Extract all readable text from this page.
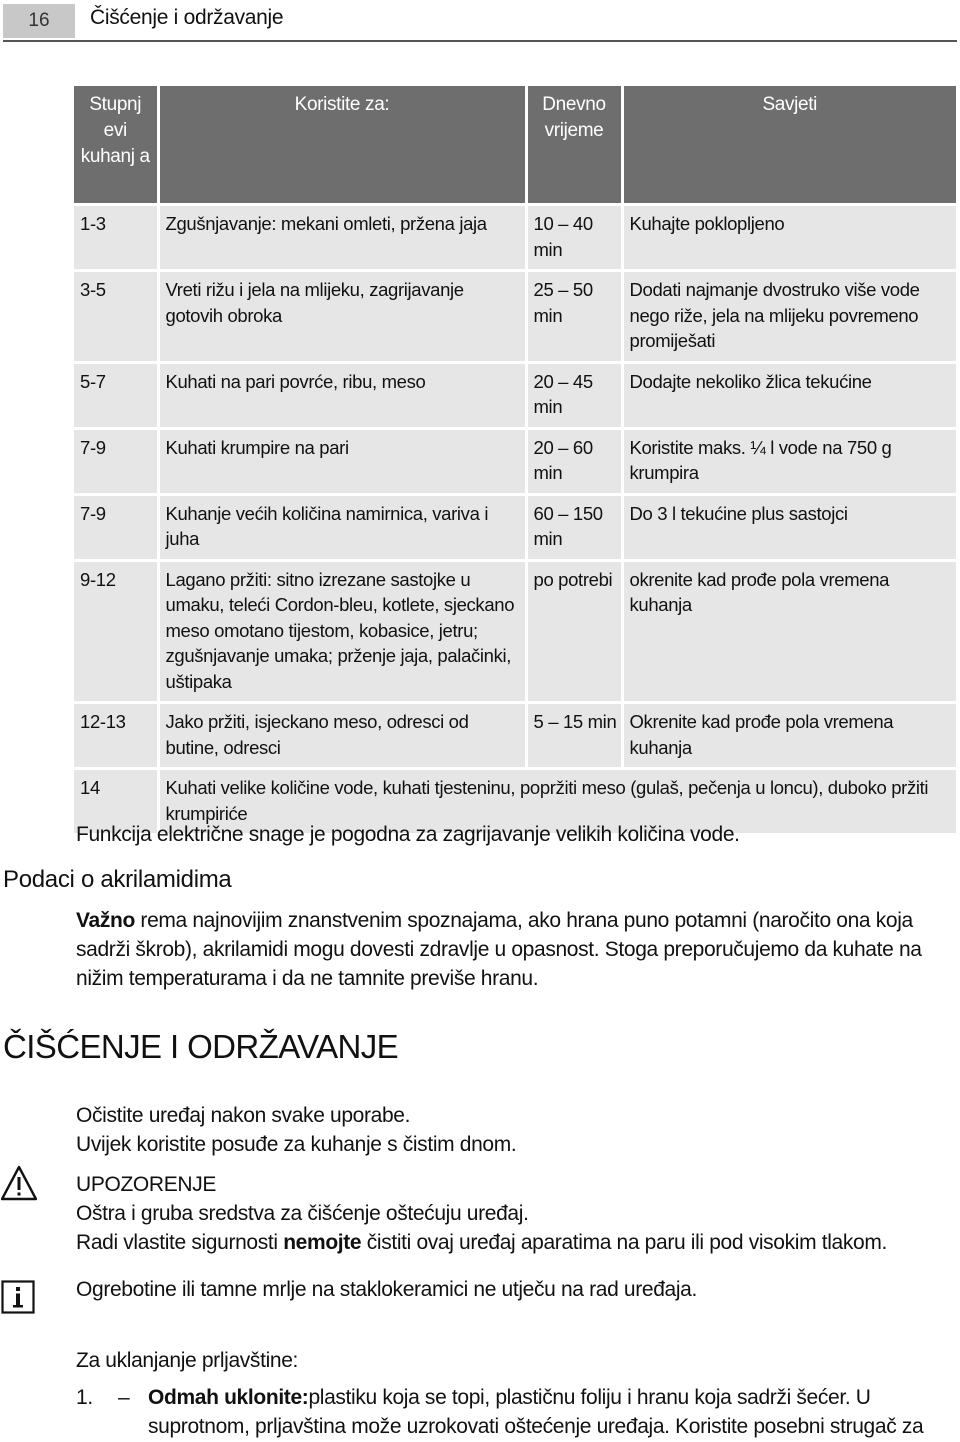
16	Čišćenje i održavanje
Stupnj evi kuhanj a	Koristite za:	Dnevno vrijeme	Savjeti
1-3	Zgušnjavanje: mekani omleti, pržena jaja	10 – 40 min	Kuhajte poklopljeno
3-5	Vreti rižu i jela na mlijeku, zagrijavanje gotovih obroka	25 – 50 min	Dodati najmanje dvostruko više vode nego riže, jela na mlijeku povremeno promiješati
5-7	Kuhati na pari povrće, ribu, meso	20 – 45 min	Dodajte nekoliko žlica tekućine
7-9	Kuhati krumpire na pari	20 – 60 min	Koristite maks. ¼ l vode na 750 g krumpira
7-9	Kuhanje većih količina namirnica, variva i juha	60 – 150 min	Do 3 l tekućine plus sastojci
9-12	Lagano pržiti: sitno izrezane sastojke u umaku, teleći Cordon-bleu, kotlete, sjeckano meso omotano tijestom, kobasice, jetru; zgušnjavanje umaka; prženje jaja, palačinki, uštipaka	po potrebi	okrenite kad prođe pola vremena kuhanja
12-13	Jako pržiti, isjeckano meso, odresci od butine, odresci	5 – 15 min	Okrenite kad prođe pola vremena kuhanja
14	Kuhati velike količine vode, kuhati tjesteninu, popržiti meso (gulaš, pečenja u loncu), duboko pržiti krumpiriće		
Funkcija električne snage je pogodna za zagrijavanje velikih količina vode.
Podaci o akrilamidima

Važno rema najnovijim znanstvenim spoznajama, ako hrana puno potamni (naročito ona koja sadrži škrob), akrilamidi mogu dovesti zdravlje u opasnost. Stoga preporučujemo da kuhate na nižim temperaturama i da ne tamnite previše hranu.

ČIŠĆENJE I ODRŽAVANJE
Očistite uređaj nakon svake uporabe.
Uvijek koristite posuđe za kuhanje s čistim dnom.
UPOZORENJE
Oštra i gruba sredstva za čišćenje oštećuju uređaj.
Radi vlastite sigurnosti nemojte čistiti ovaj uređaj aparatima na paru ili pod visokim tlakom.
Ogrebotine ili tamne mrlje na staklokeramici ne utječu na rad uređaja.
Za uklanjanje prljavštine:
1. – Odmah uklonite:plastiku koja se topi, plastičnu foliju i hranu koja sadrži šećer. U suprotnom, prljavština može uzrokovati oštećenje uređaja. Koristite posebni strugač za
